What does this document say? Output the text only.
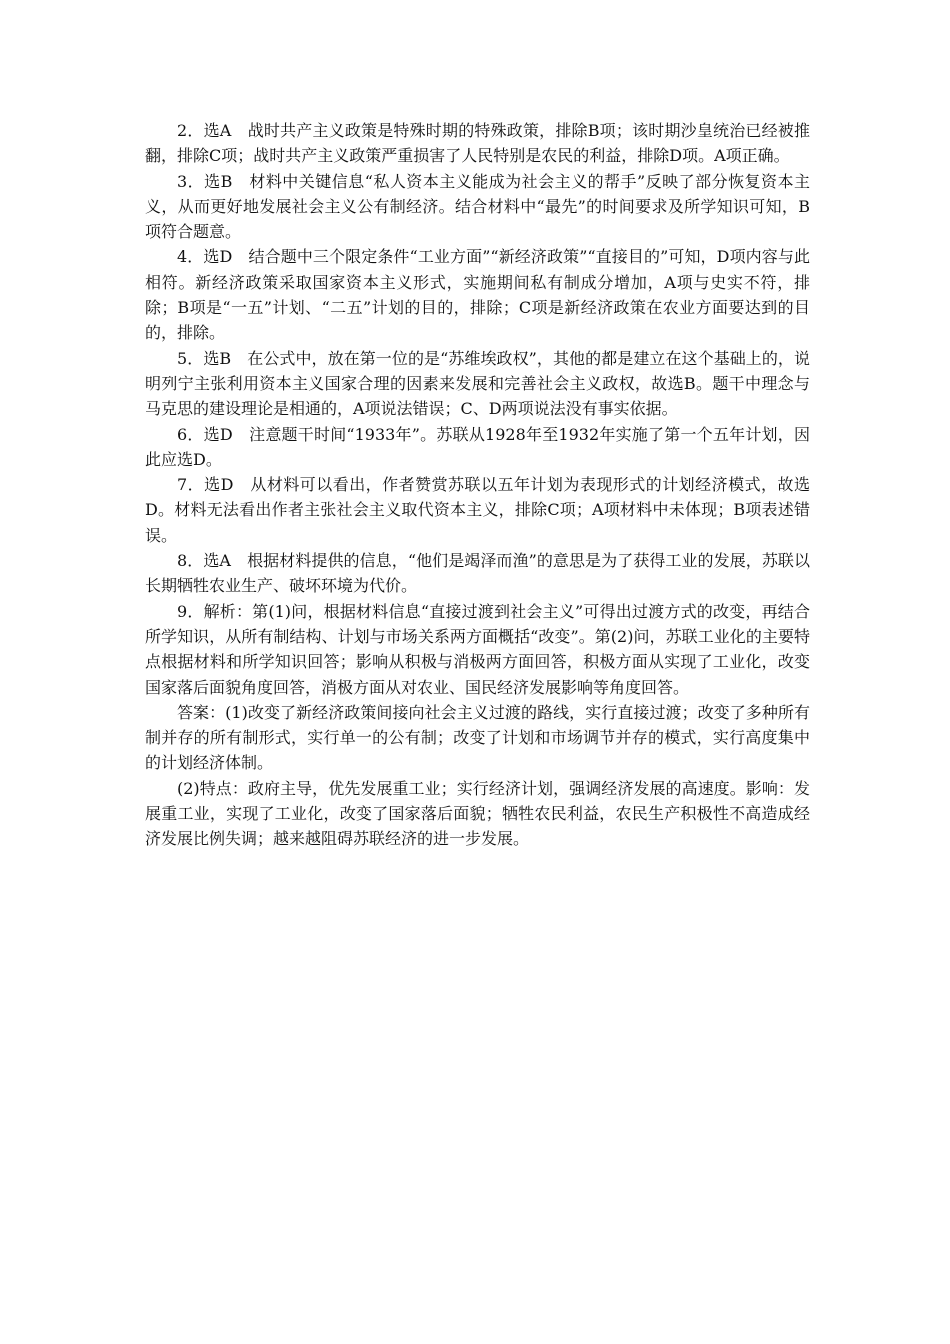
2．选A　战时共产主义政策是特殊时期的特殊政策，排除B项；该时期沙皇统治已经被推翻，排除C项；战时共产主义政策严重损害了人民特别是农民的利益，排除D项。A项正确。

3．选B　材料中关键信息“私人资本主义能成为社会主义的帮手”反映了部分恢复资本主义，从而更好地发展社会主义公有制经济。结合材料中“最先”的时间要求及所学知识可知，B项符合题意。

4．选D　结合题中三个限定条件“工业方面”“新经济政策”“直接目的”可知，D项内容与此相符。新经济政策采取国家资本主义形式，实施期间私有制成分增加，A项与史实不符，排除；B项是“一五”计划、“二五”计划的目的，排除；C项是新经济政策在农业方面要达到的目的，排除。

5．选B　在公式中，放在第一位的是“苏维埃政权”，其他的都是建立在这个基础上的，说明列宁主张利用资本主义国家合理的因素来发展和完善社会主义政权，故选B。题干中理念与马克思的建设理论是相通的，A项说法错误；C、D两项说法没有事实依据。

6．选D　注意题干时间“1933年”。苏联从1928年至1932年实施了第一个五年计划，因此应选D。

7．选D　从材料可以看出，作者赞赏苏联以五年计划为表现形式的计划经济模式，故选D。材料无法看出作者主张社会主义取代资本主义，排除C项；A项材料中未体现；B项表述错误。

8．选A　根据材料提供的信息，“他们是竭泽而渔”的意思是为了获得工业的发展，苏联以长期牺牲农业生产、破坏环境为代价。

9．解析：第(1)问，根据材料信息“直接过渡到社会主义”可得出过渡方式的改变，再结合所学知识，从所有制结构、计划与市场关系两方面概括“改变”。第(2)问，苏联工业化的主要特点根据材料和所学知识回答；影响从积极与消极两方面回答，积极方面从实现了工业化，改变国家落后面貌角度回答，消极方面从对农业、国民经济发展影响等角度回答。

答案：(1)改变了新经济政策间接向社会主义过渡的路线，实行直接过渡；改变了多种所有制并存的所有制形式，实行单一的公有制；改变了计划和市场调节并存的模式，实行高度集中的计划经济体制。

(2)特点：政府主导，优先发展重工业；实行经济计划，强调经济发展的高速度。影响：发展重工业，实现了工业化，改变了国家落后面貌；牺牲农民利益，农民生产积极性不高造成经济发展比例失调；越来越阻碍苏联经济的进一步发展。
